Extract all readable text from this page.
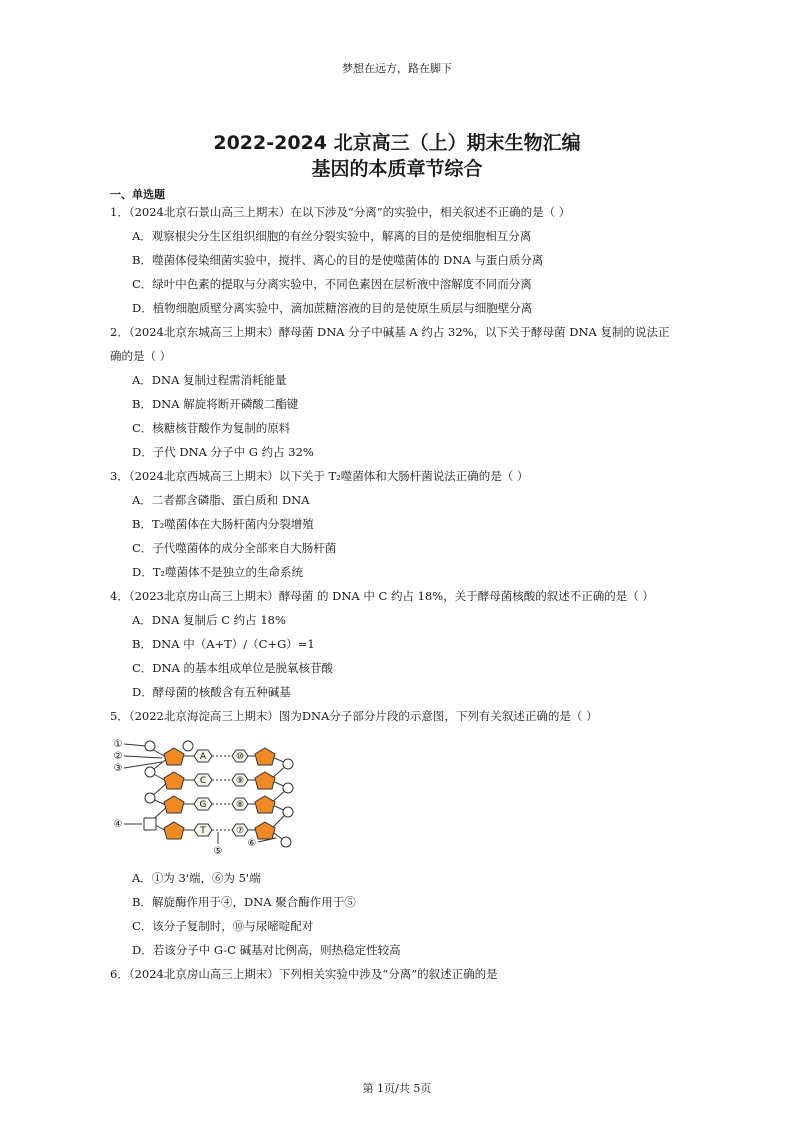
梦想在远方，路在脚下
2022-2024 北京高三（上）期末生物汇编
基因的本质章节综合
一、单选题

1．（2024北京石景山高三上期末）在以下涉及“分离”的实验中，相关叙述不正确的是（ ）

A．观察根尖分生区组织细胞的有丝分裂实验中，解离的目的是使细胞相互分离

B．噬菌体侵染细菌实验中，搅拌、离心的目的是使噬菌体的 DNA 与蛋白质分离

C．绿叶中色素的提取与分离实验中，不同色素因在层析液中溶解度不同而分离

D．植物细胞质壁分离实验中，滴加蔗糖溶液的目的是使原生质层与细胞壁分离

2．（2024北京东城高三上期末）酵母菌 DNA 分子中碱基 A 约占 32%，以下关于酵母菌 DNA 复制的说法正

确的是（ ）

A．DNA 复制过程需消耗能量

B．DNA 解旋将断开磷酸二酯键

C．核糖核苷酸作为复制的原料

D．子代 DNA 分子中 G 约占 32%

3．（2024北京西城高三上期末）以下关于 T₂噬菌体和大肠杆菌说法正确的是（ ）

A．二者都含磷脂、蛋白质和 DNA

B．T₂噬菌体在大肠杆菌内分裂增殖

C．子代噬菌体的成分全部来自大肠杆菌

D．T₂噬菌体不是独立的生命系统

4．（2023北京房山高三上期末）酵母菌 的 DNA 中 C 约占 18%，关于酵母菌核酸的叙述不正确的是（ ）

A．DNA 复制后 C 约占 18%

B．DNA 中（A+T）/（C+G）=1

C．DNA 的基本组成单位是脱氧核苷酸

D．酵母菌的核酸含有五种碱基

5．（2022北京海淀高三上期末）图为DNA分子部分片段的示意图，下列有关叙述正确的是（ ）

A
C
G
T
⑩
⑨
⑧
⑦
①
②
③
④
⑤
⑥

A．①为 3'端，⑥为 5'端

B．解旋酶作用于④，DNA 聚合酶作用于⑤

C．该分子复制时，⑩与尿嘧啶配对

D．若该分子中 G-C 碱基对比例高，则热稳定性较高

6．（2024北京房山高三上期末）下列相关实验中涉及“分离”的叙述正确的是

第 1页/共 5页
